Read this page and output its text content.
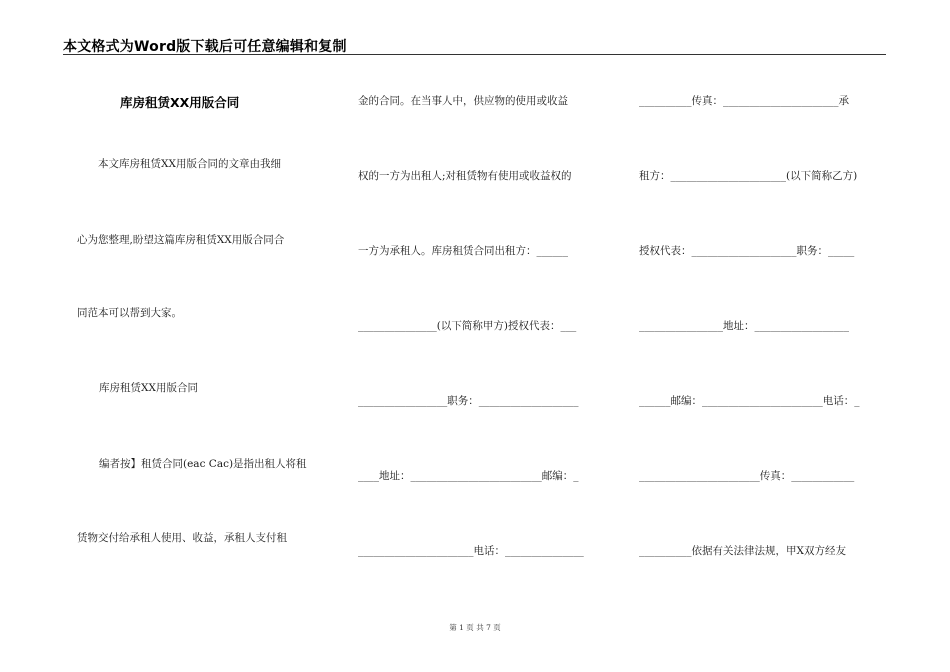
本文格式为Word版下载后可任意编辑和复制
库房租赁XX用版合同
本文库房租赁XX用版合同的文章由我细
心为您整理,盼望这篇库房租赁XX用版合同合
同范本可以帮到大家。
库房租赁XX用版合同
编者按】租赁合同(eac Cac)是指出租人将租
赁物交付给承租人使用、收益，承租人支付租
金的合同。在当事人中，供应物的使用或收益
权的一方为出租人;对租赁物有使用或收益权的
一方为承租人。库房租赁合同出租方：______
_______________(以下简称甲方)授权代表：___
_________________职务：___________________
____地址：_________________________邮编：_
______________________电话：_______________
__________传真：______________________承
租方：______________________(以下简称乙方)
授权代表：____________________职务：_____
________________地址：__________________
______邮编：_______________________电话：_
_______________________传真：____________
__________依据有关法律法规，甲X双方经友
第 1 页 共 7 页
